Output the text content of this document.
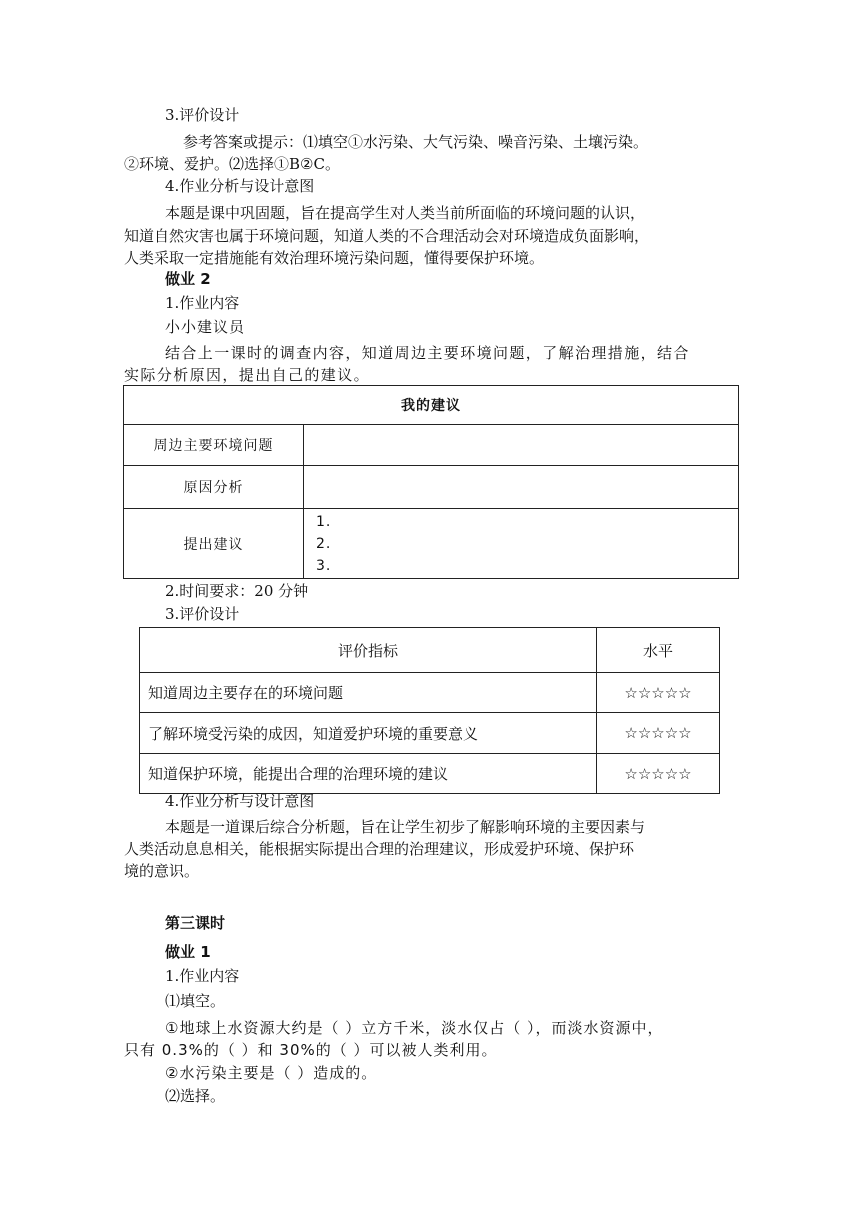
3.评价设计
参考答案或提示：⑴填空①水污染、大气污染、噪音污染、土壤污染。
②环境、爱护。⑵选择①B②C。
4.作业分析与设计意图
本题是课中巩固题，旨在提高学生对人类当前所面临的环境问题的认识，
知道自然灾害也属于环境问题，知道人类的不合理活动会对环境造成负面影响，
人类采取一定措施能有效治理环境污染问题，懂得要保护环境。
做业 2
1.作业内容
小小建议员
结合上一课时的调查内容，知道周边主要环境问题，了解治理措施，结合
实际分析原因，提出自己的建议。
我的建议	
周边主要环境问题	
原因分析	
提出建议	1.
2.
3.
2.时间要求：20 分钟
3.评价设计
评价指标	水平
知道周边主要存在的环境问题	☆☆☆☆☆
了解环境受污染的成因，知道爱护环境的重要意义	☆☆☆☆☆
知道保护环境，能提出合理的治理环境的建议	☆☆☆☆☆
4.作业分析与设计意图
本题是一道课后综合分析题，旨在让学生初步了解影响环境的主要因素与
人类活动息息相关，能根据实际提出合理的治理建议，形成爱护环境、保护环
境的意识。
第三课时
做业 1
1.作业内容
⑴填空。
①地球上水资源大约是（ ）立方千米，淡水仅占（ ），而淡水资源中，
只有 0.3%的（ ）和 30%的（ ）可以被人类利用。
②水污染主要是（ ）造成的。
⑵选择。
